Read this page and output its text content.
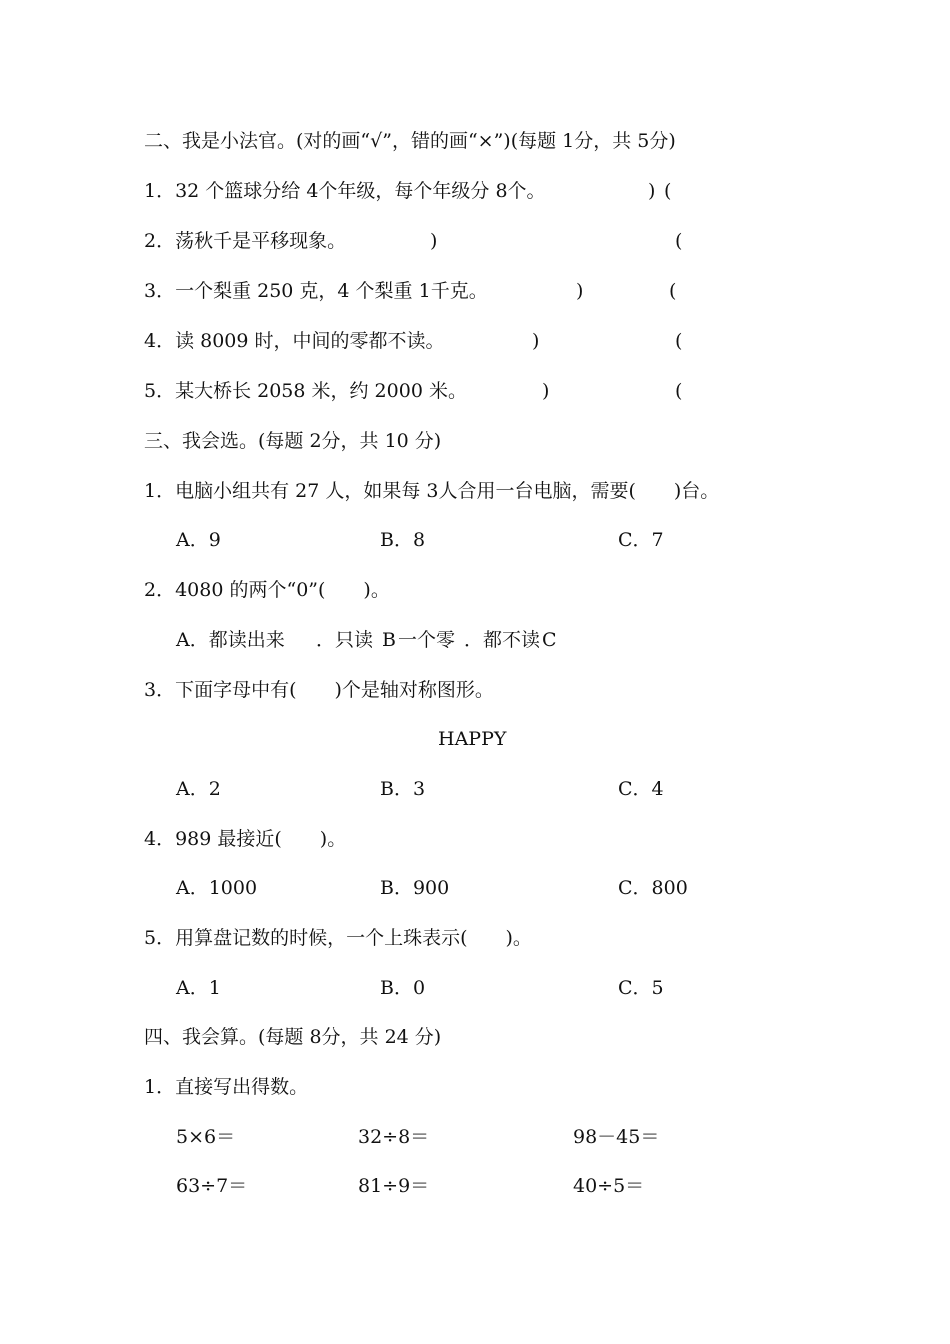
二、我是小法官。(对的画“√”，错的画“×”)(每题 1分，共 5分)
1．32 个篮球分给 4个年级，每个年级分 8个。	) (
2．荡秋千是平移现象。	)	(
3．一个梨重 250 克，4 个梨重 1千克。	)	(
4．读 8009 时，中间的零都不读。	)	(
5．某大桥长 2058 米，约 2000 米。	)	(
三、我会选。(每题 2分，共 10 分)
1．电脑小组共有 27 人，如果每 3人合用一台电脑，需要(　　)台。
A．9	B．8	C．7
2．4080 的两个“0”(　　)。
A．都读出来 ．只读 B 一个零 ．都不读 C
3．下面字母中有(　　)个是轴对称图形。
HAPPY
A．2	B．3	C．4
4．989 最接近(　　)。
A．1000	B．900	C．800
5．用算盘记数的时候，一个上珠表示(　　)。
A．1	B．0	C．5
四、我会算。(每题 8分，共 24 分)
1．直接写出得数。
5×6＝	32÷8＝	98－45＝
63÷7＝	81÷9＝	40÷5＝
